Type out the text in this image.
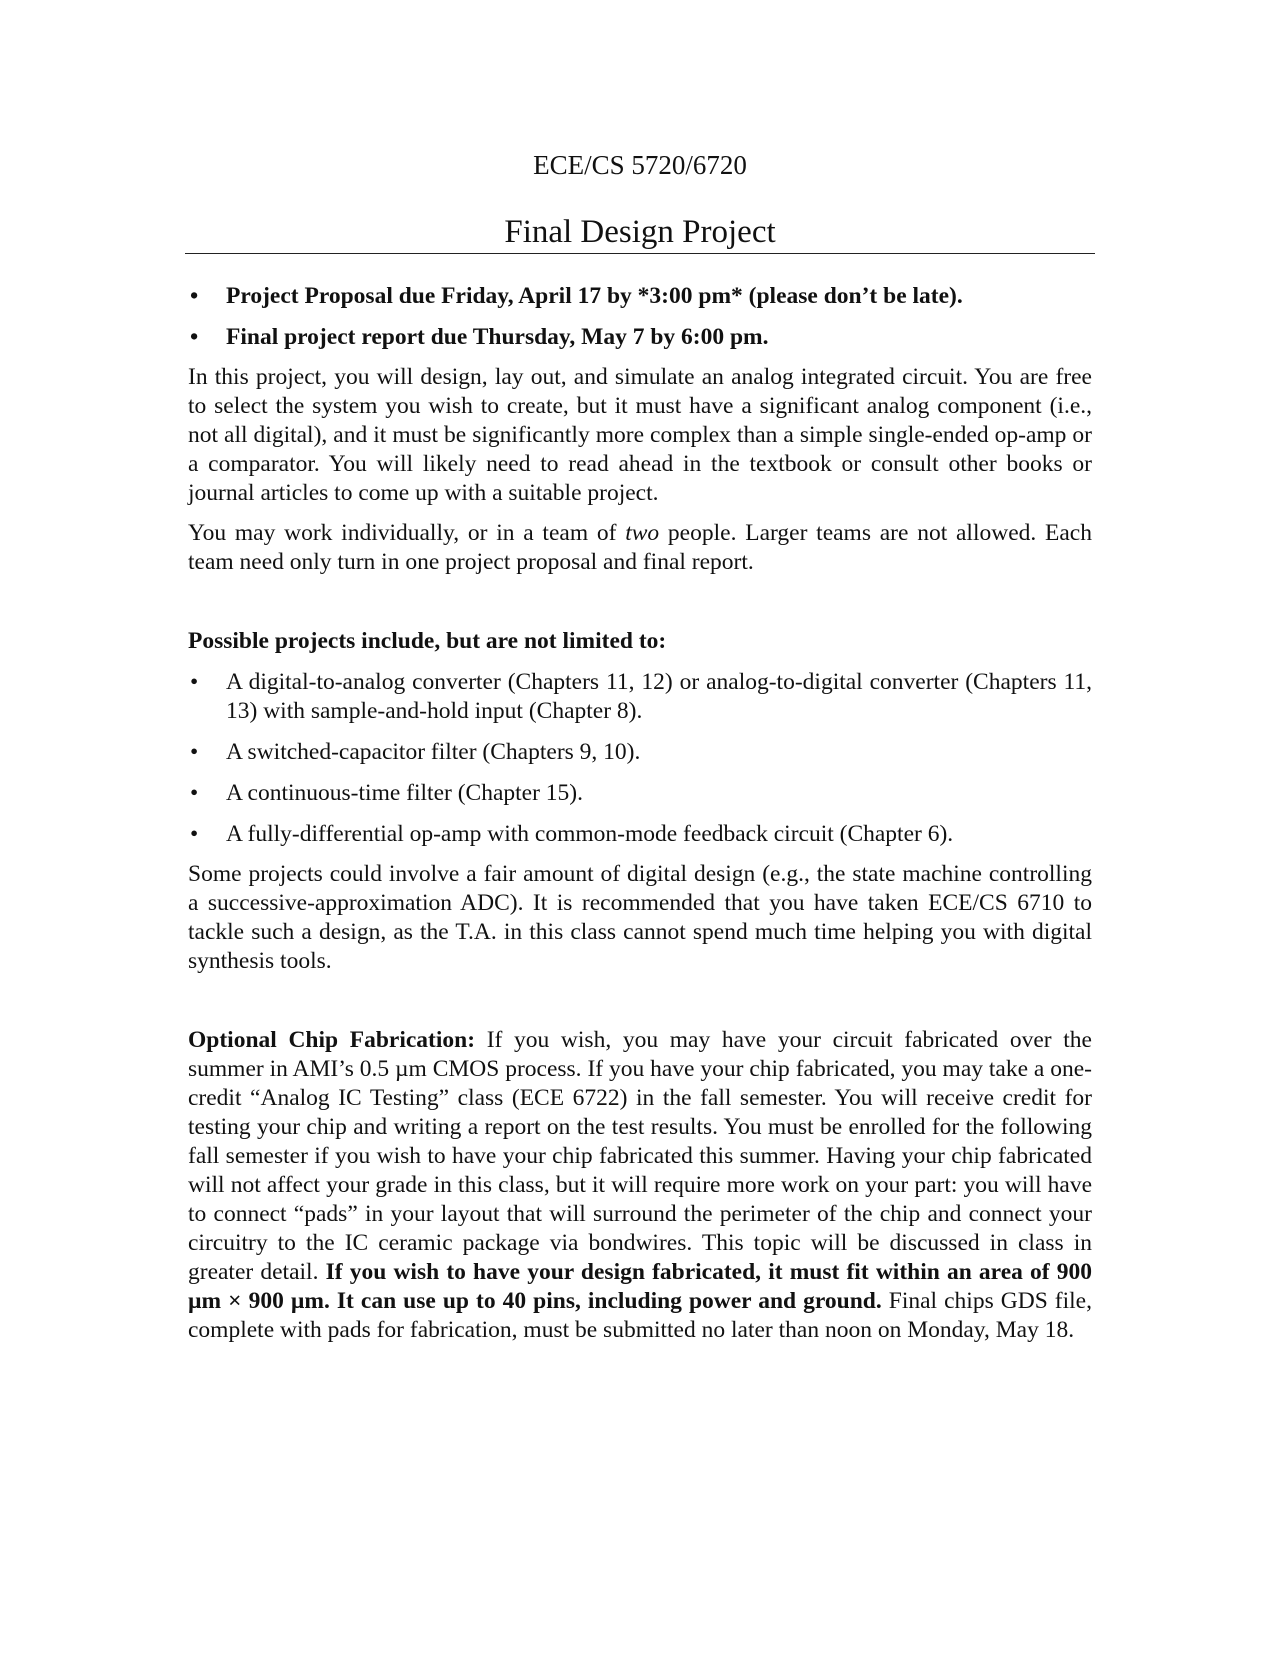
ECE/CS 5720/6720
Final Design Project
•	Project Proposal due Friday, April 17 by *3:00 pm* (please don’t be late).
•	Final project report due Thursday, May 7 by 6:00 pm.

In this project, you will design, lay out, and simulate an analog integrated circuit. You are free to select the system you wish to create, but it must have a significant analog component (i.e., not all digital), and it must be significantly more complex than a simple single-ended op-amp or a comparator. You will likely need to read ahead in the textbook or consult other books or journal articles to come up with a suitable project.

You may work individually, or in a team of two people. Larger teams are not allowed. Each team need only turn in one project proposal and final report.

Possible projects include, but are not limited to:

•	A digital-to-analog converter (Chapters 11, 12) or analog-to-digital converter (Chapters 11, 13) with sample-and-hold input (Chapter 8).
•	A switched-capacitor filter (Chapters 9, 10).
•	A continuous-time filter (Chapter 15).
•	A fully-differential op-amp with common-mode feedback circuit (Chapter 6).

Some projects could involve a fair amount of digital design (e.g., the state machine controlling a successive-approximation ADC). It is recommended that you have taken ECE/CS 6710 to tackle such a design, as the T.A. in this class cannot spend much time helping you with digital synthesis tools.

Optional Chip Fabrication: If you wish, you may have your circuit fabricated over the summer in AMI’s 0.5 µm CMOS process. If you have your chip fabricated, you may take a one-credit “Analog IC Testing” class (ECE 6722) in the fall semester. You will receive credit for testing your chip and writing a report on the test results. You must be enrolled for the following fall semester if you wish to have your chip fabricated this summer. Having your chip fabricated will not affect your grade in this class, but it will require more work on your part: you will have to connect “pads” in your layout that will surround the perimeter of the chip and connect your circuitry to the IC ceramic package via bondwires. This topic will be discussed in class in greater detail. If you wish to have your design fabricated, it must fit within an area of 900 µm × 900 µm. It can use up to 40 pins, including power and ground. Final chips GDS file, complete with pads for fabrication, must be submitted no later than noon on Monday, May 18.
